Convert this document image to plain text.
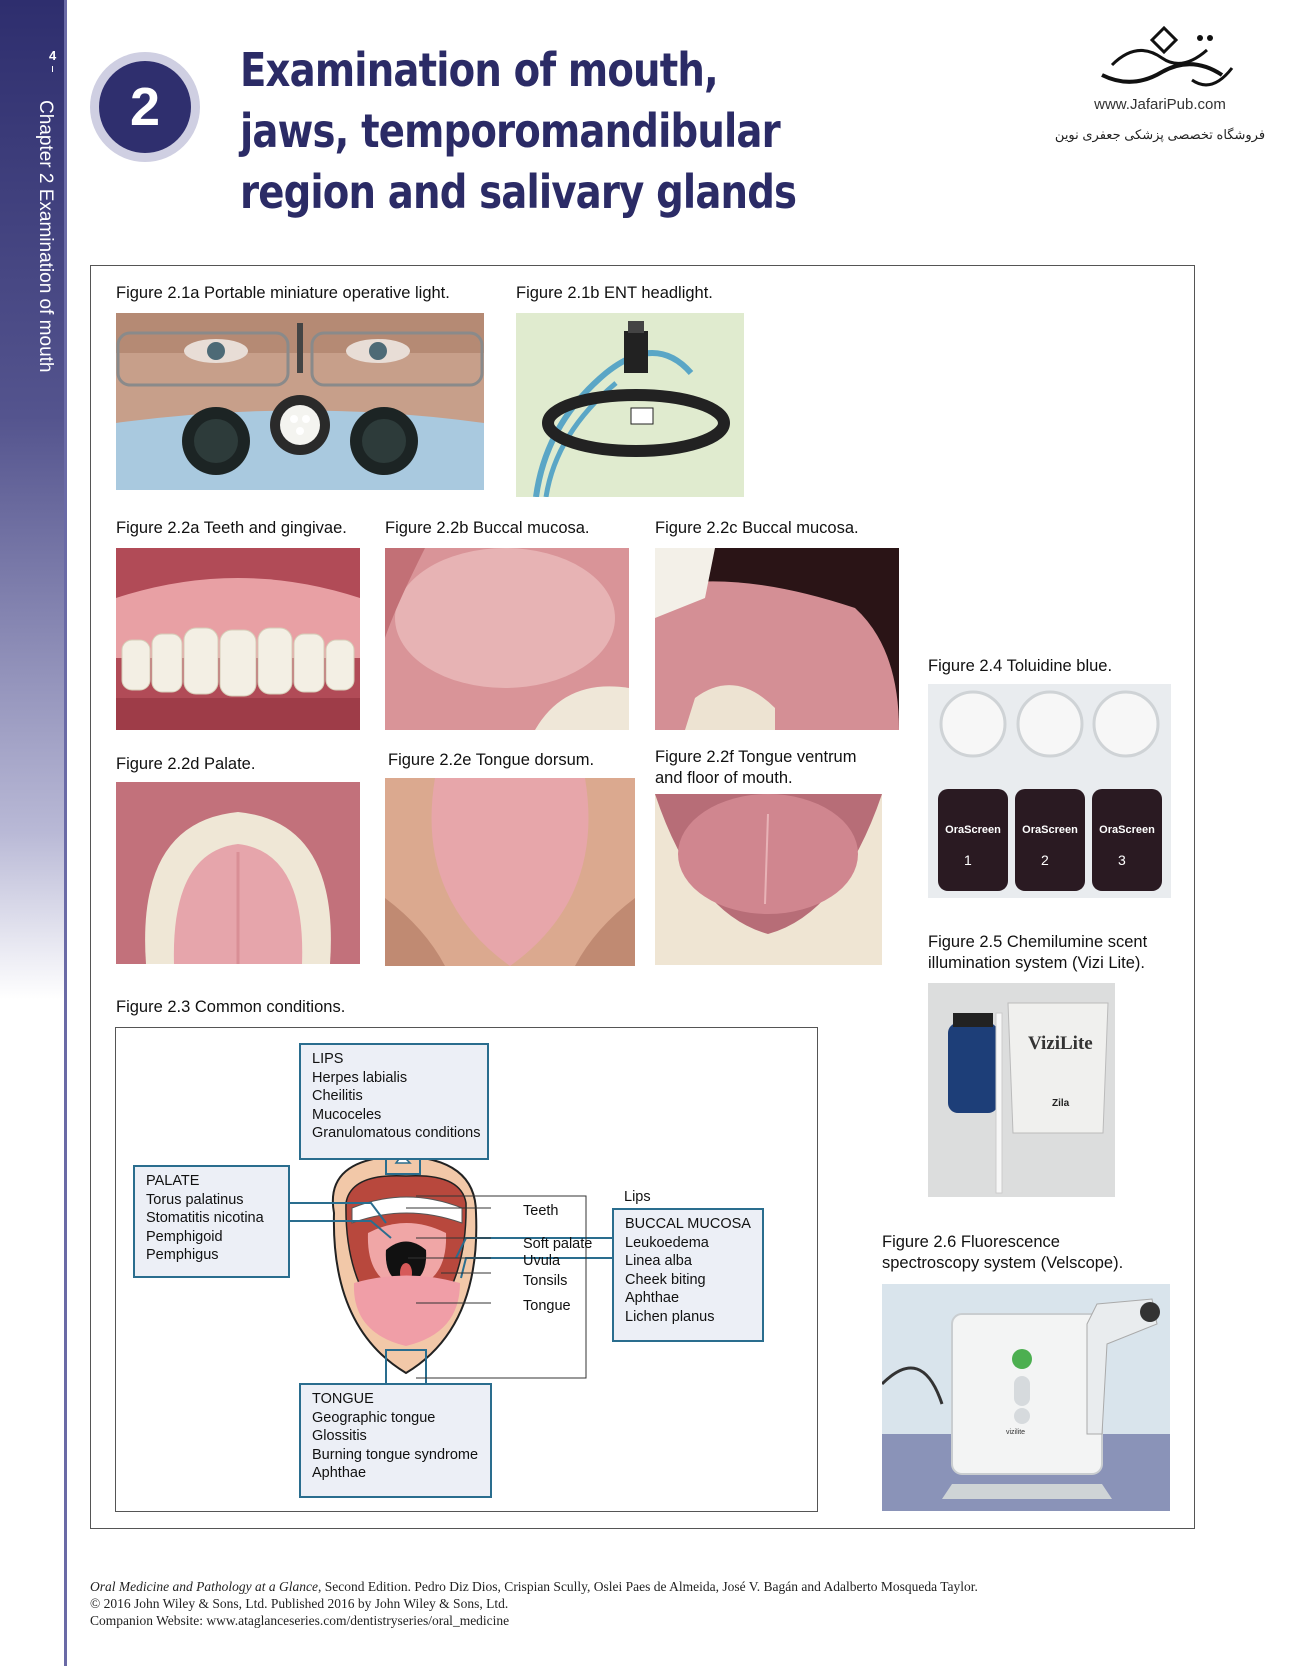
4
Chapter 2 Examination of mouth	2
Examination of mouth, jaws, temporomandibular region and salivary glands
www.JafariPub.com
فروشگاه تخصصی پزشکی جعفری نوین
Figure 2.1a Portable miniature operative light.	Figure 2.1b ENT headlight.
Figure 2.2a Teeth and gingivae. Figure 2.2b Buccal mucosa.	Figure 2.2c Buccal mucosa.
Figure 2.2d Palate.	Figure 2.2e Tongue dorsum.	Figure 2.2f Tongue ventrum
and floor of mouth.
Figure 2.4 Toluidine blue.
OraScreen OraScreen OraScreen
1	2	3
Figure 2.5 Chemilumine scent
illumination system (Vizi Lite).
ViziLite
Zila
Figure 2.6 Fluorescence
spectroscopy system (Velscope).
vizilite
Figure 2.3 Common conditions.
LIPS
Herpes labialis
Cheilitis
Mucoceles
Granulomatous conditions
PALATE
Torus palatinus
Stomatitis nicotina
Pemphigoid
Pemphigus
BUCCAL MUCOSA
Leukoedema
Linea alba
Cheek biting
Aphthae
Lichen planus
TONGUE
Geographic tongue
Glossitis
Burning tongue syndrome
Aphthae
Lips
Teeth
Soft palate
Uvula
Tonsils
Tongue
Oral Medicine and Pathology at a Glance, Second Edition. Pedro Diz Dios, Crispian Scully, Oslei Paes de Almeida, José V. Bagán and Adalberto Mosqueda Taylor.
© 2016 John Wiley & Sons, Ltd. Published 2016 by John Wiley & Sons, Ltd.
Companion Website: www.ataglanceseries.com/dentistryseries/oral_medicine
